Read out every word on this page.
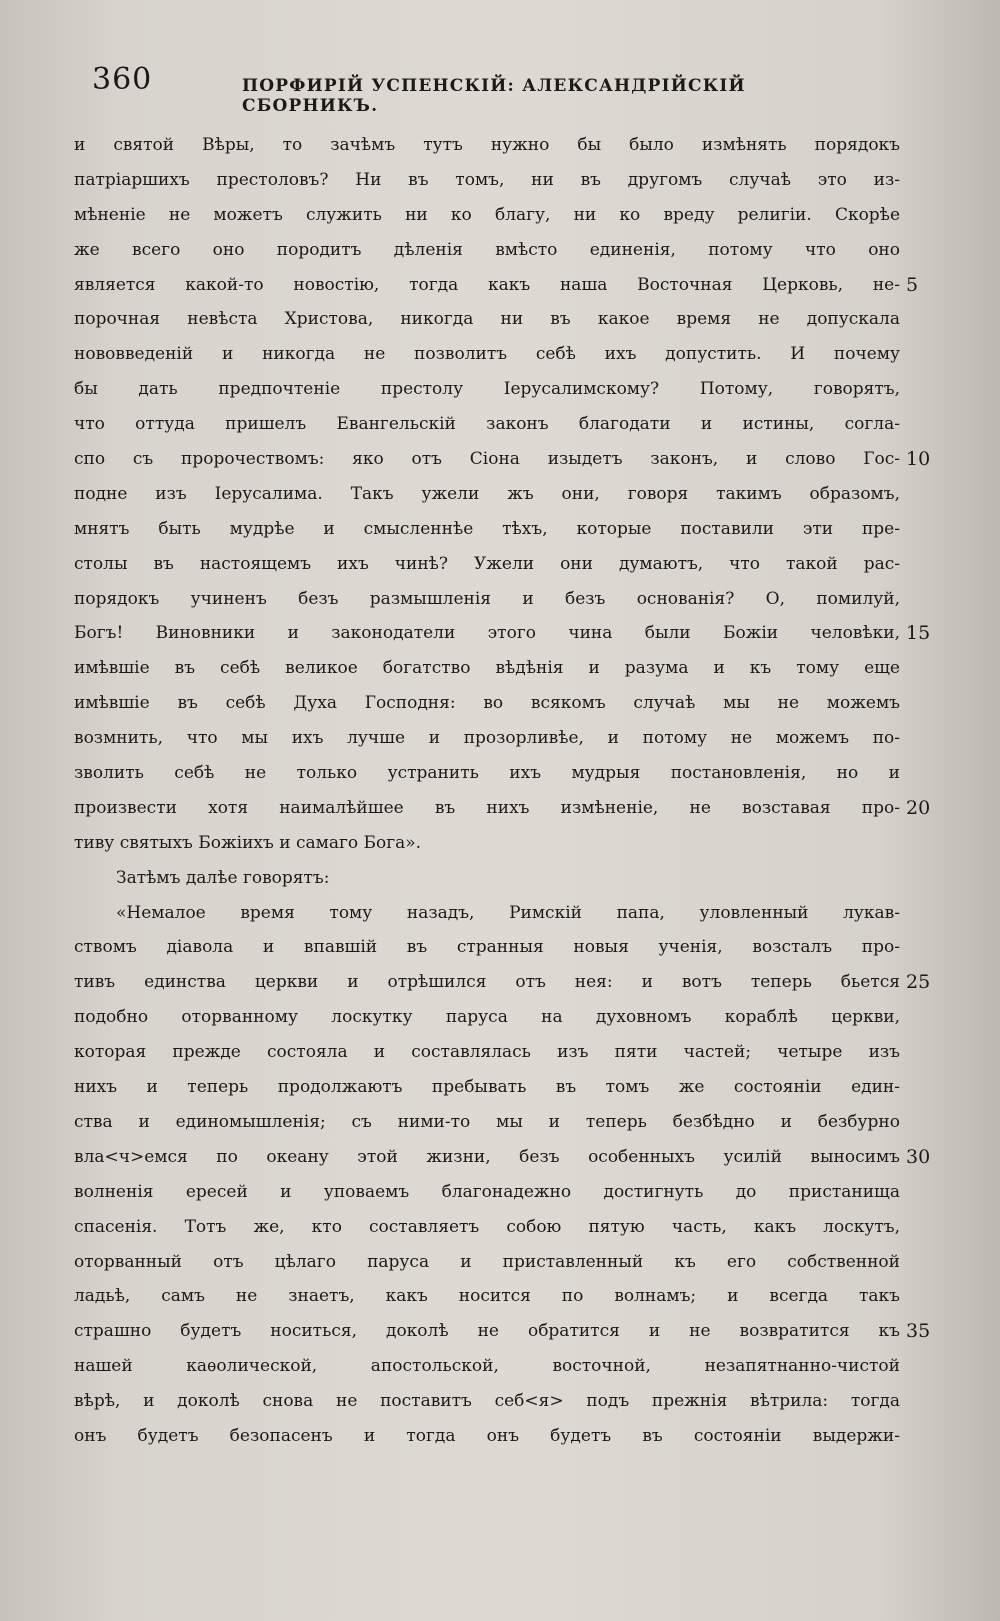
360	ПОРФИРІЙ УСПЕНСКІЙ: АЛЕКСАНДРІЙСКІЙ СБОРНИКЪ.
и святой Вѣры, то зачѣмъ тутъ нужно бы было измѣнять порядокъ
патріаршихъ престоловъ? Ни въ томъ, ни въ другомъ случаѣ это из-
мѣненіе не можетъ служить ни ко благу, ни ко вреду религіи. Скорѣе
же всего оно породитъ дѣленія вмѣсто единенія, потому что оно
является какой-то новостію, тогда какъ наша Восточная Церковь, не- 5
порочная невѣста Христова, никогда ни въ какое время не допускала
нововведеній и никогда не позволитъ себѣ ихъ допустить. И почему
бы дать предпочтеніе престолу Іерусалимскому? Потому, говорятъ,
что оттуда пришелъ Евангельскій законъ благодати и истины, согла-
спо съ пророчествомъ: яко отъ Сіона изыдетъ законъ, и слово Гос- 10
подне изъ Іерусалима. Такъ ужели жъ они, говоря такимъ образомъ,
мнятъ быть мудрѣе и смысленнѣе тѣхъ, которые поставили эти пре-
столы въ настоящемъ ихъ чинѣ? Ужели они думаютъ, что такой рас-
порядокъ учиненъ безъ размышленія и безъ основанія? О, помилуй,
Богъ! Виновники и законодатели этого чина были Божіи человѣки, 15
имѣвшіе въ себѣ великое богатство вѣдѣнія и разума и къ тому еще
имѣвшіе въ себѣ Духа Господня: во всякомъ случаѣ мы не можемъ
возмнить, что мы ихъ лучше и прозорливѣе, и потому не можемъ по-
зволить себѣ не только устранить ихъ мудрыя постановленія, но и
произвести хотя наималѣйшее въ нихъ измѣненіе, не возставая про- 20
тиву святыхъ Божіихъ и самаго Бога».
Затѣмъ далѣе говорятъ:
«Немалое время тому назадъ, Римскій папа, уловленный лукав-
ствомъ діавола и впавшій въ странныя новыя ученія, возсталъ про-
тивъ единства церкви и отрѣшился отъ нея: и вотъ теперь бьется 25
подобно оторванному лоскутку паруса на духовномъ кораблѣ церкви,
которая прежде состояла и составлялась изъ пяти частей; четыре изъ
нихъ и теперь продолжаютъ пребывать въ томъ же состояніи един-
ства и единомышленія; съ ними-то мы и теперь безбѣдно и безбурно
вла<ч>емся по океану этой жизни, безъ особенныхъ усилій выносимъ 30
волненія ересей и уповаемъ благонадежно достигнуть до пристанища
спасенія. Тотъ же, кто составляетъ собою пятую часть, какъ лоскутъ,
оторванный отъ цѣлаго паруса и приставленный къ его собственной
ладьѣ, самъ не знаетъ, какъ носится по волнамъ; и всегда такъ
страшно будетъ носиться, доколѣ не обратится и не возвратится къ 35
нашей каѳолической, апостольской, восточной, незапятнанно-чистой
вѣрѣ, и доколѣ снова не поставитъ себ<я> подъ прежнія вѣтрила: тогда
онъ будетъ безопасенъ и тогда онъ будетъ въ состояніи выдержи-
